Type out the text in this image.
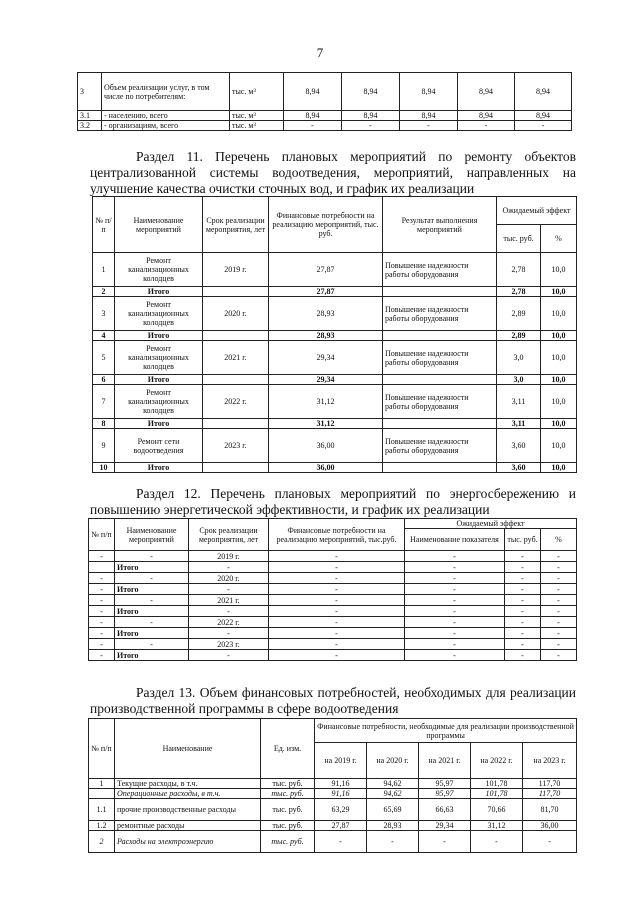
7
3	Объем реализации услуг, в том числе по потребителям:	тыс. м³	8,94	8,94	8,94	8,94	8,94
3.1	- населению, всего	тыс. м³	8,94	8,94	8,94	8,94	8,94
3.2	- организациям, всего	тыс. м³	-	-	-	-	-
Раздел 11. Перечень плановых мероприятий по ремонту объектов централизованной системы водоотведения, мероприятий, направленных на улучшение качества очистки сточных вод, и график их реализации
№ п/ п	Наименование мероприятий	Срок реализации мероприятия, лет	Финансовые потребности на реализацию мероприятий, тыс. руб.	Результат выполнения мероприятий	Ожидаемый эффект	
					тыс. руб.	%
1	Ремонт канализационных колодцев	2019 г.	27,87	Повышение надежности работы оборудования	2,78	10,0
2	Итого		27,87		2,78	10,0
3	Ремонт канализационных колодцев	2020 г.	28,93	Повышение надежности работы оборудования	2,89	10,0
4	Итого		28,93		2,89	10,0
5	Ремонт канализационных колодцев	2021 г.	29,34	Повышение надежности работы оборудования	3,0	10,0
6	Итого		29,34		3,0	10,0
7	Ремонт канализационных колодцев	2022 г.	31,12	Повышение надежности работы оборудования	3,11	10,0
8	Итого		31,12		3,11	10,0
9	Ремонт сети водоотведения	2023 г.	36,00	Повышение надежности работы оборудования	3,60	10,0
10	Итого		36,00		3,60	10,0
Раздел 12. Перечень плановых мероприятий по энергосбережению и повышению энергетической эффективности, и график их реализации
№ п/п	Наименование мероприятий	Срок реализации мероприятия, лет	Финансовые потребности на реализацию мероприятий, тыс.руб.	Ожидаемый эффект		
				Наименование показателя	тыс. руб.	%
-	-	2019 г.	-	-	-	-
	Итого	-	-	-	-	-
-	-	2020 г.	-	-	-	-
-	Итого	-	-	-	-	-
-	-	2021 г.	-	-	-	-
-	Итого	-	-	-	-	-
-	-	2022 г.	-	-	-	-
-	Итого	-	-	-	-	-
-	-	2023 г.	-	-	-	-
-	Итого	-	-	-	-	-
Раздел 13. Объем финансовых потребностей, необходимых для реализации производственной программы в сфере водоотведения
№ п/п	Наименование	Ед. изм.	Финансовые потребности, необходимые для реализации производственной программы				
			на 2019 г.	на 2020 г.	на 2021 г.	на 2022 г.	на 2023 г.
1	Текущие расходы, в т.ч.	тыс. руб.	91,16	94,62	95,97	101,78	117,70
	Операционные расходы, в т.ч.	тыс. руб.	91,16	94,62	95,97	101,78	117,70
1.1	прочие производственные расходы	тыс. руб.	63,29	65,69	66,63	70,66	81,70
1.2	ремонтные расходы	тыс. руб.	27,87	28,93	29,34	31,12	36,00
2	Расходы на электроэнергию	тыс. руб.	-	-	-	-	-
